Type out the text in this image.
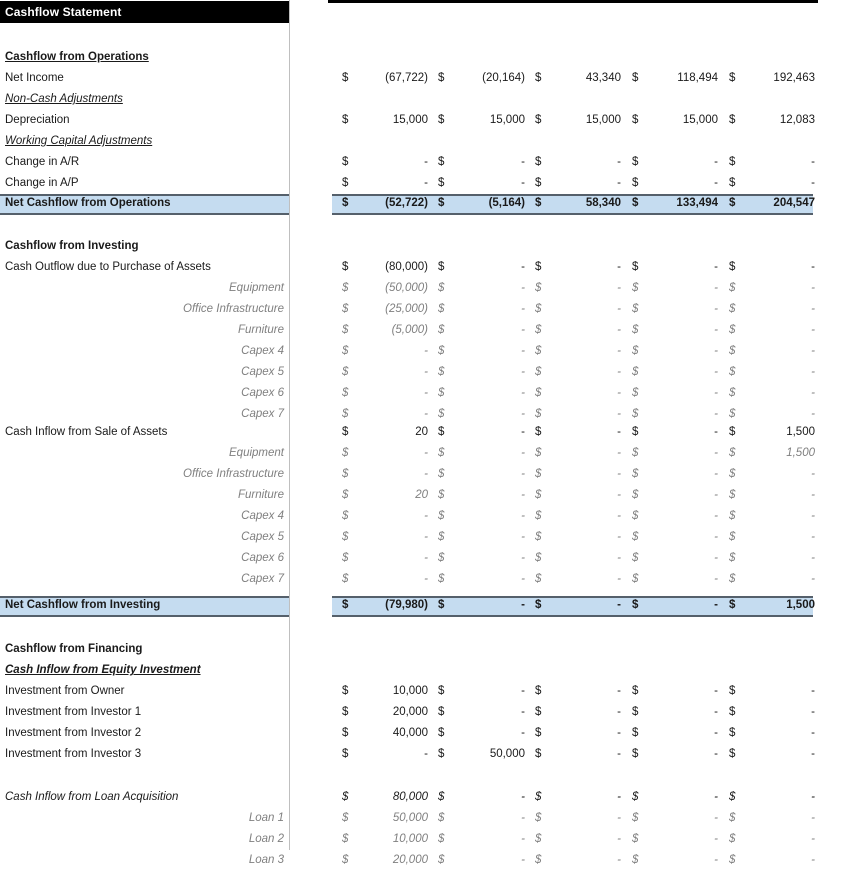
Cashflow Statement
Cashflow from Operations
Net Income	$	(67,722) $	(20,164) $	43,340 $	118,494 $	192,463
Non-Cash Adjustments
Depreciation	$	15,000 $	15,000 $	15,000 $	15,000 $	12,083
Working Capital Adjustments
Change in A/R	$	- $	- $	- $	- $	-
Change in A/P	$	- $	- $	- $	- $	-
Net Cashflow from Operations	$	(52,722) $	(5,164) $	58,340 $	133,494 $	204,547
Cashflow from Investing
Cash Outflow due to Purchase of Assets	$	(80,000) $	- $	- $	- $	-
Equipment	$	(50,000) $	- $	- $	- $	-
Office Infrastructure	$	(25,000) $	- $	- $	- $	-
Furniture	$	(5,000) $	- $	- $	- $	-
Capex 4	$	- $	- $	- $	- $	-
Capex 5	$	- $	- $	- $	- $	-
Capex 6	$	- $	- $	- $	- $	-
Capex 7	$	- $	- $	- $	- $	-
Cash Inflow from Sale of Assets	$	20 $	- $	- $	- $	1,500
Equipment	$	- $	- $	- $	- $	1,500
Office Infrastructure	$	- $	- $	- $	- $	-
Furniture	$	20 $	- $	- $	- $	-
Capex 4	$	- $	- $	- $	- $	-
Capex 5	$	- $	- $	- $	- $	-
Capex 6	$	- $	- $	- $	- $	-
Capex 7	$	- $	- $	- $	- $	-
Net Cashflow from Investing	$	(79,980) $	- $	- $	- $	1,500
Cashflow from Financing
Cash Inflow from Equity Investment
Investment from Owner	$	10,000 $	- $	- $	- $	-
Investment from Investor 1	$	20,000 $	- $	- $	- $	-
Investment from Investor 2	$	40,000 $	- $	- $	- $	-
Investment from Investor 3	$	- $	50,000 $	- $	- $	-
Cash Inflow from Loan Acquisition	$	80,000 $	- $	- $	- $	-
Loan 1	$	50,000 $	- $	- $	- $	-
Loan 2	$	10,000 $	- $	- $	- $	-
Loan 3	$	20,000 $	- $	- $	- $	-
